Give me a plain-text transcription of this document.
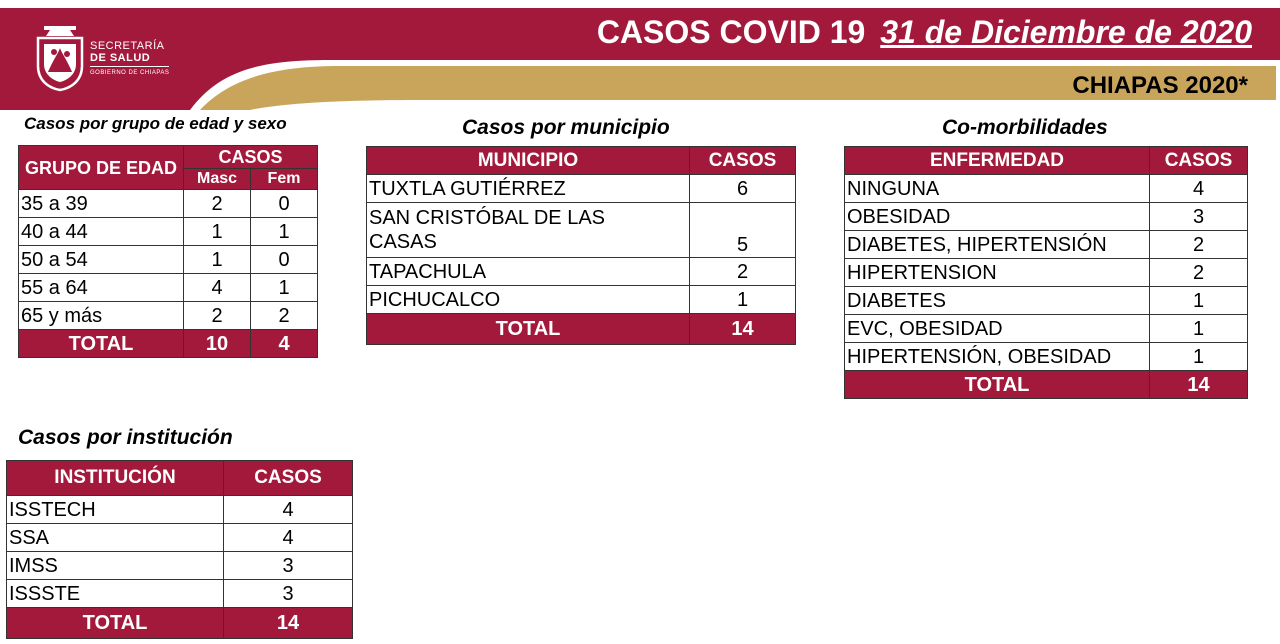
SECRETARÍA
DE SALUD
GOBIERNO DE CHIAPAS
CASOS COVID 19 31 de Diciembre de 2020
CHIAPAS 2020*
Casos por grupo de edad y sexo
GRUPO DE EDAD	CASOS	
	Masc	Fem
35 a 39	2	0
40 a 44	1	1
50 a 54	1	0
55 a 64	4	1
65 y más	2	2
TOTAL	10	4
Casos por municipio
MUNICIPIO	CASOS
TUXTLA GUTIÉRREZ	6

SAN CRISTÓBAL DE LAS
CASAS	5
TAPACHULA	2
PICHUCALCO	1
TOTAL	14
Co-morbilidades
ENFERMEDAD	CASOS
NINGUNA	4
OBESIDAD	3
DIABETES, HIPERTENSIÓN	2
HIPERTENSION	2
DIABETES	1
EVC, OBESIDAD	1
HIPERTENSIÓN, OBESIDAD	1
TOTAL	14
Casos por institución
INSTITUCIÓN	CASOS
ISSTECH	4
SSA	4
IMSS	3
ISSSTE	3
TOTAL	14
